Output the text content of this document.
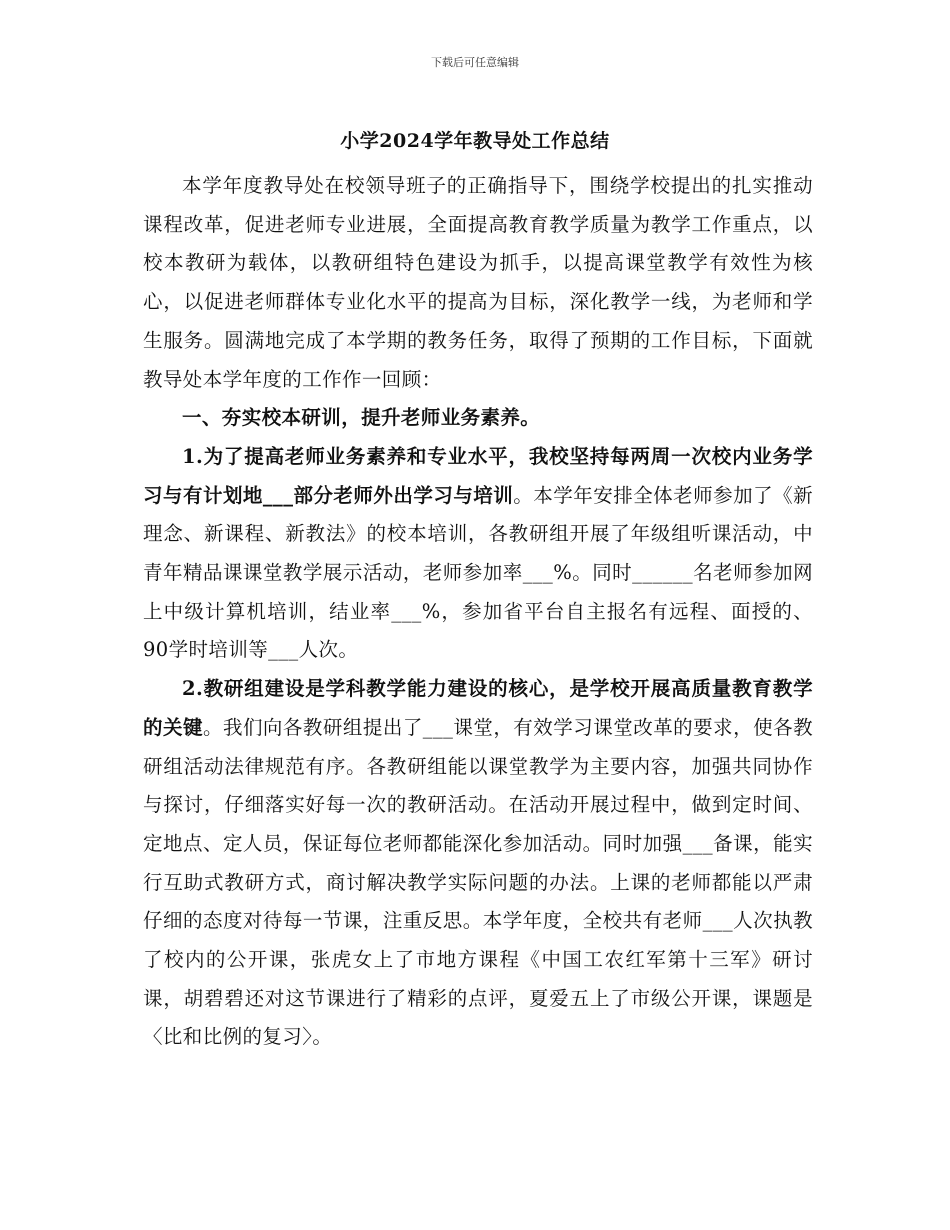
下载后可任意编辑
小学2024学年教导处工作总结

本学年度教导处在校领导班子的正确指导下，围绕学校提出的扎实推动课程改革，促进老师专业进展，全面提高教育教学质量为教学工作重点，以校本教研为载体，以教研组特色建设为抓手，以提高课堂教学有效性为核心，以促进老师群体专业化水平的提高为目标，深化教学一线，为老师和学生服务。圆满地完成了本学期的教务任务，取得了预期的工作目标，下面就教导处本学年度的工作作一回顾：

一、夯实校本研训，提升老师业务素养。

1.为了提高老师业务素养和专业水平，我校坚持每两周一次校内业务学习与有计划地___部分老师外出学习与培训。本学年安排全体老师参加了《新理念、新课程、新教法》的校本培训，各教研组开展了年级组听课活动，中青年精品课课堂教学展示活动，老师参加率___%。同时______名老师参加网上中级计算机培训，结业率___%，参加省平台自主报名有远程、面授的、90学时培训等___人次。

2.教研组建设是学科教学能力建设的核心，是学校开展高质量教育教学的关键。我们向各教研组提出了___课堂，有效学习课堂改革的要求，使各教研组活动法律规范有序。各教研组能以课堂教学为主要内容，加强共同协作与探讨，仔细落实好每一次的教研活动。在活动开展过程中，做到定时间、定地点、定人员，保证每位老师都能深化参加活动。同时加强___备课，能实行互助式教研方式，商讨解决教学实际问题的办法。上课的老师都能以严肃仔细的态度对待每一节课，注重反思。本学年度，全校共有老师___人次执教了校内的公开课，张虎女上了市地方课程《中国工农红军第十三军》研讨课，胡碧碧还对这节课进行了精彩的点评，夏爱五上了市级公开课，课题是〈比和比例的复习〉。
